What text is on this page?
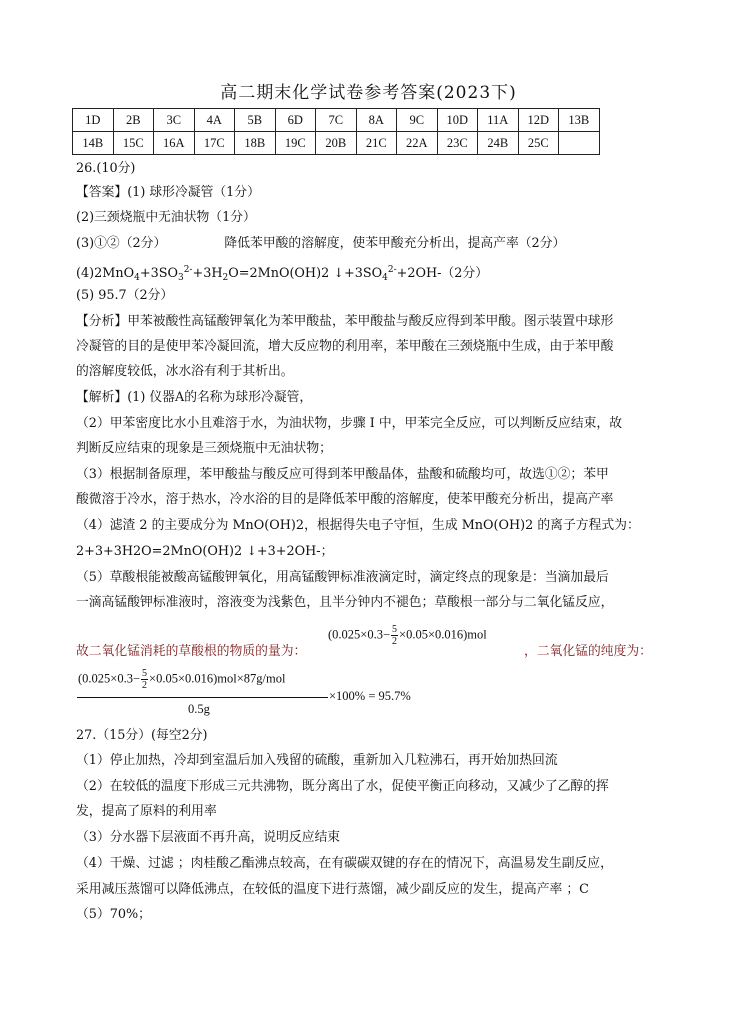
高二期末化学试卷参考答案(2023下)
1D	2B	3C	4A	5B	6D	7C	8A	9C	10D	11A	12D	13B
14B	15C	16A	17C	18B	19C	20B	21C	22A	23C	24B	25C	
26.(10分)
【答案】(1) 球形冷凝管（1分）
(2)三颈烧瓶中无油状物（1分）
(3)①②（2分）	降低苯甲酸的溶解度，使苯甲酸充分析出，提高产率（2分）
$(4)2MnO_4+3SO_3^{2-}+3H_2O=2MnO(OH)2$ $↓+3SO_4^{2-}+2OH-(2$分）
(5) 95.7（2分）
【分析】甲苯被酸性高锰酸钾氧化为苯甲酸盐，苯甲酸盐与酸反应得到苯甲酸。图示装置中球形
冷凝管的目的是使甲苯冷凝回流，增大反应物的利用率，苯甲酸在三颈烧瓶中生成，由于苯甲酸
的溶解度较低，冰水浴有利于其析出。
【解析】(1) 仪器A的名称为球形冷凝管，
（2）甲苯密度比水小且难溶于水，为油状物，步骤 I 中，甲苯完全反应，可以判断反应结束，故
判断反应结束的现象是三颈烧瓶中无油状物；
（3）根据制备原理，苯甲酸盐与酸反应可得到苯甲酸晶体，盐酸和硫酸均可，故选①②；苯甲
酸微溶于冷水，溶于热水，冷水浴的目的是降低苯甲酸的溶解度，使苯甲酸充分析出，提高产率
（4）滤渣 2 的主要成分为 MnO(OH)2，根据得失电子守恒，生成 MnO(OH)2 的离子方程式为：
2+3+3H2O=2MnO(OH)2 ↓+3+2OH-；
（5）草酸根能被酸高锰酸钾氧化，用高锰酸钾标准液滴定时，滴定终点的现象是：当滴加最后
一滴高锰酸钾标准液时，溶液变为浅紫色，且半分钟内不褪色；草酸根一部分与二氧化锰反应，
故二氧化锰消耗的草酸根的物质的量为：
$(0.025\times 0.3- \frac{5}{2} \times 0.05\times 0.016)mol$
，二氧化锰的纯度为：
$(0.025\times 0.3- \frac{5}{2} \times 0.05\times 0.016)mol\times 87g/mol$
×100% = 95.7%
0.5g
27.（15分）(每空2分)
（1）停止加热，冷却到室温后加入残留的硫酸，重新加入几粒沸石，再开始加热回流
（2）在较低的温度下形成三元共沸物，既分离出了水，促使平衡正向移动，又减少了乙醇的挥
发，提高了原料的利用率
（3）分水器下层液面不再升高，说明反应结束
（4）干燥、过滤 ；肉桂酸乙酯沸点较高，在有碳碳双键的存在的情况下，高温易发生副反应，
采用减压蒸馏可以降低沸点，在较低的温度下进行蒸馏，减少副反应的发生，提高产率 ；C
（5）70%；
